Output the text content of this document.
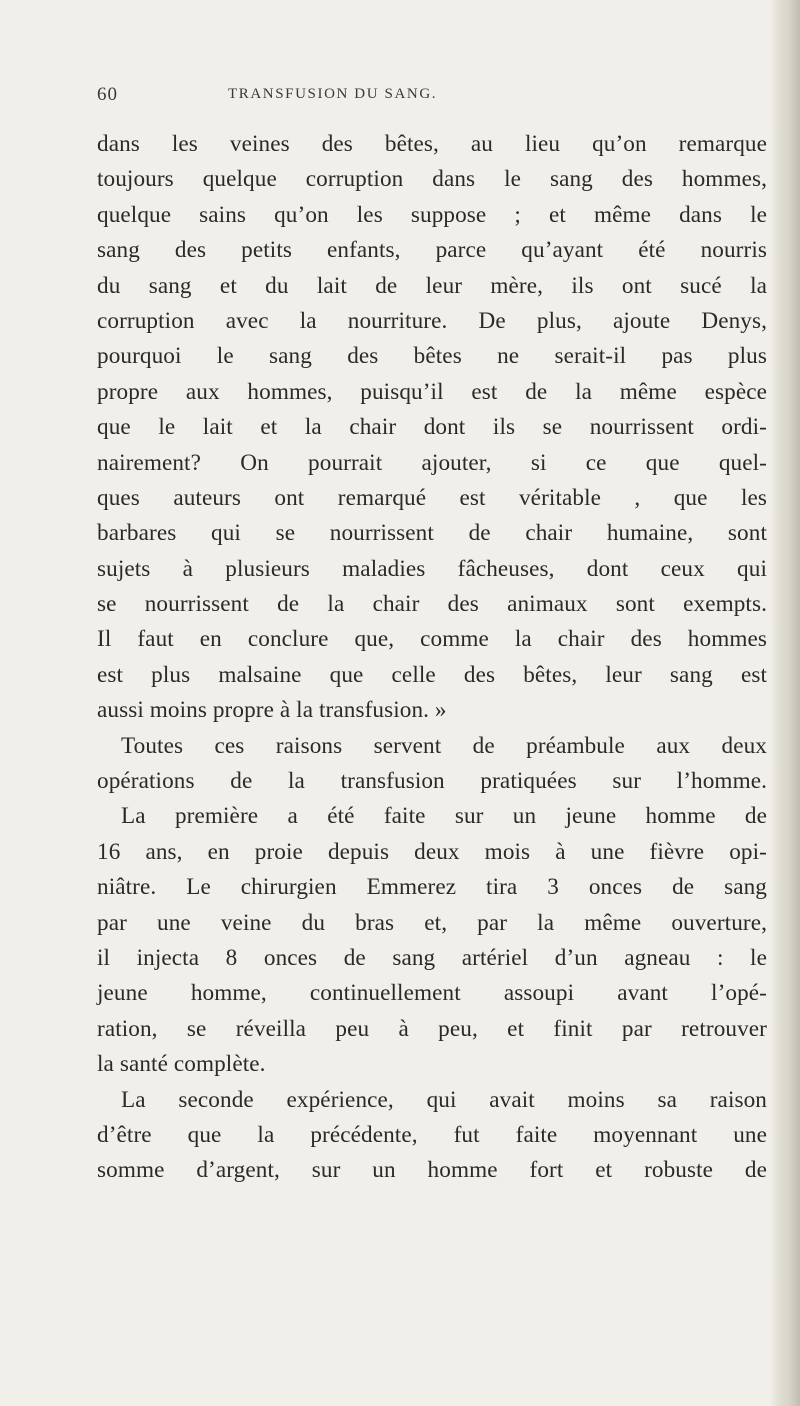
60	TRANSFUSION DU SANG.
dans les veines des bêtes, au lieu qu’on remarque
toujours quelque corruption dans le sang des hommes,
quelque sains qu’on les suppose ; et même dans le
sang des petits enfants, parce qu’ayant été nourris
du sang et du lait de leur mère, ils ont sucé la
corruption avec la nourriture. De plus, ajoute Denys,
pourquoi le sang des bêtes ne serait-il pas plus
propre aux hommes, puisqu’il est de la même espèce
que le lait et la chair dont ils se nourrissent ordi-
nairement? On pourrait ajouter, si ce que quel-
ques auteurs ont remarqué est véritable , que les
barbares qui se nourrissent de chair humaine, sont
sujets à plusieurs maladies fâcheuses, dont ceux qui
se nourrissent de la chair des animaux sont exempts.
Il faut en conclure que, comme la chair des hommes
est plus malsaine que celle des bêtes, leur sang est
aussi moins propre à la transfusion. »
Toutes ces raisons servent de préambule aux deux
opérations de la transfusion pratiquées sur l’homme.
La première a été faite sur un jeune homme de
16 ans, en proie depuis deux mois à une fièvre opi-
niâtre. Le chirurgien Emmerez tira 3 onces de sang
par une veine du bras et, par la même ouverture,
il injecta 8 onces de sang artériel d’un agneau : le
jeune homme, continuellement assoupi avant l’opé-
ration, se réveilla peu à peu, et finit par retrouver
la santé complète.
La seconde expérience, qui avait moins sa raison
d’être que la précédente, fut faite moyennant une
somme d’argent, sur un homme fort et robuste de
